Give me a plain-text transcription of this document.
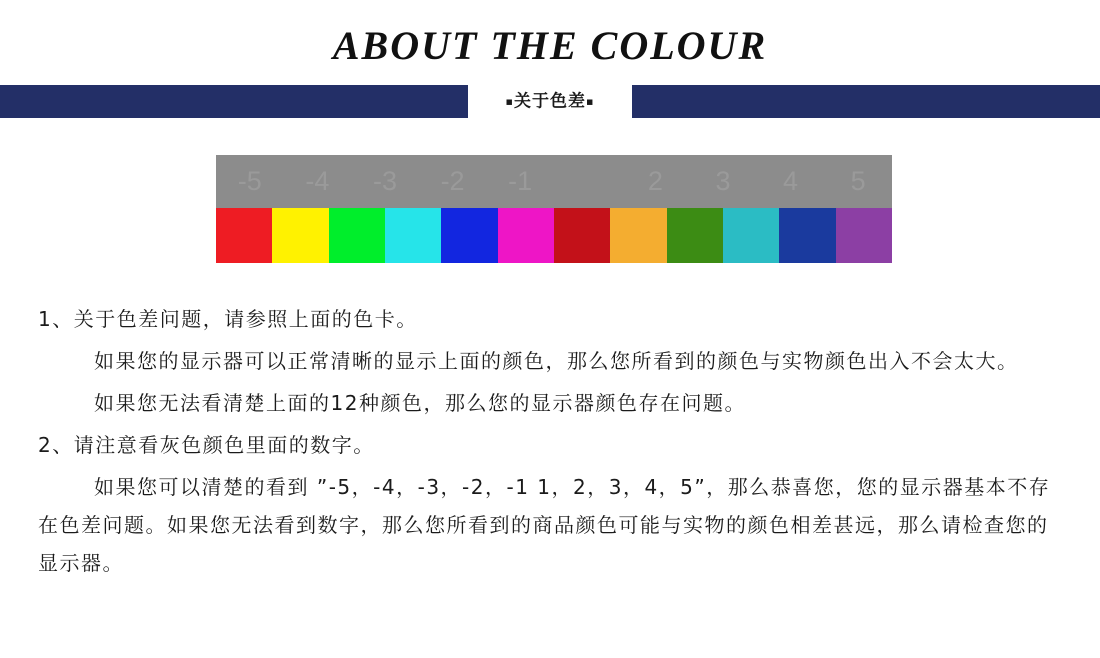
ABOUT THE COLOUR
▪关于色差▪
-5	-4	-3	-2	-1	2	3	4	5

1、关于色差问题，请参照上面的色卡。

如果您的显示器可以正常清晰的显示上面的颜色，那么您所看到的颜色与实物颜色出入不会太大。

如果您无法看清楚上面的12种颜色，那么您的显示器颜色存在问题。

2、请注意看灰色颜色里面的数字。

如果您可以清楚的看到 ”-5，-4，-3，-2，-1 1，2，3，4，5”，那么恭喜您，您的显示器基本不存在色差问题。如果您无法看到数字，那么您所看到的商品颜色可能与实物的颜色相差甚远，那么请检查您的显示器。
